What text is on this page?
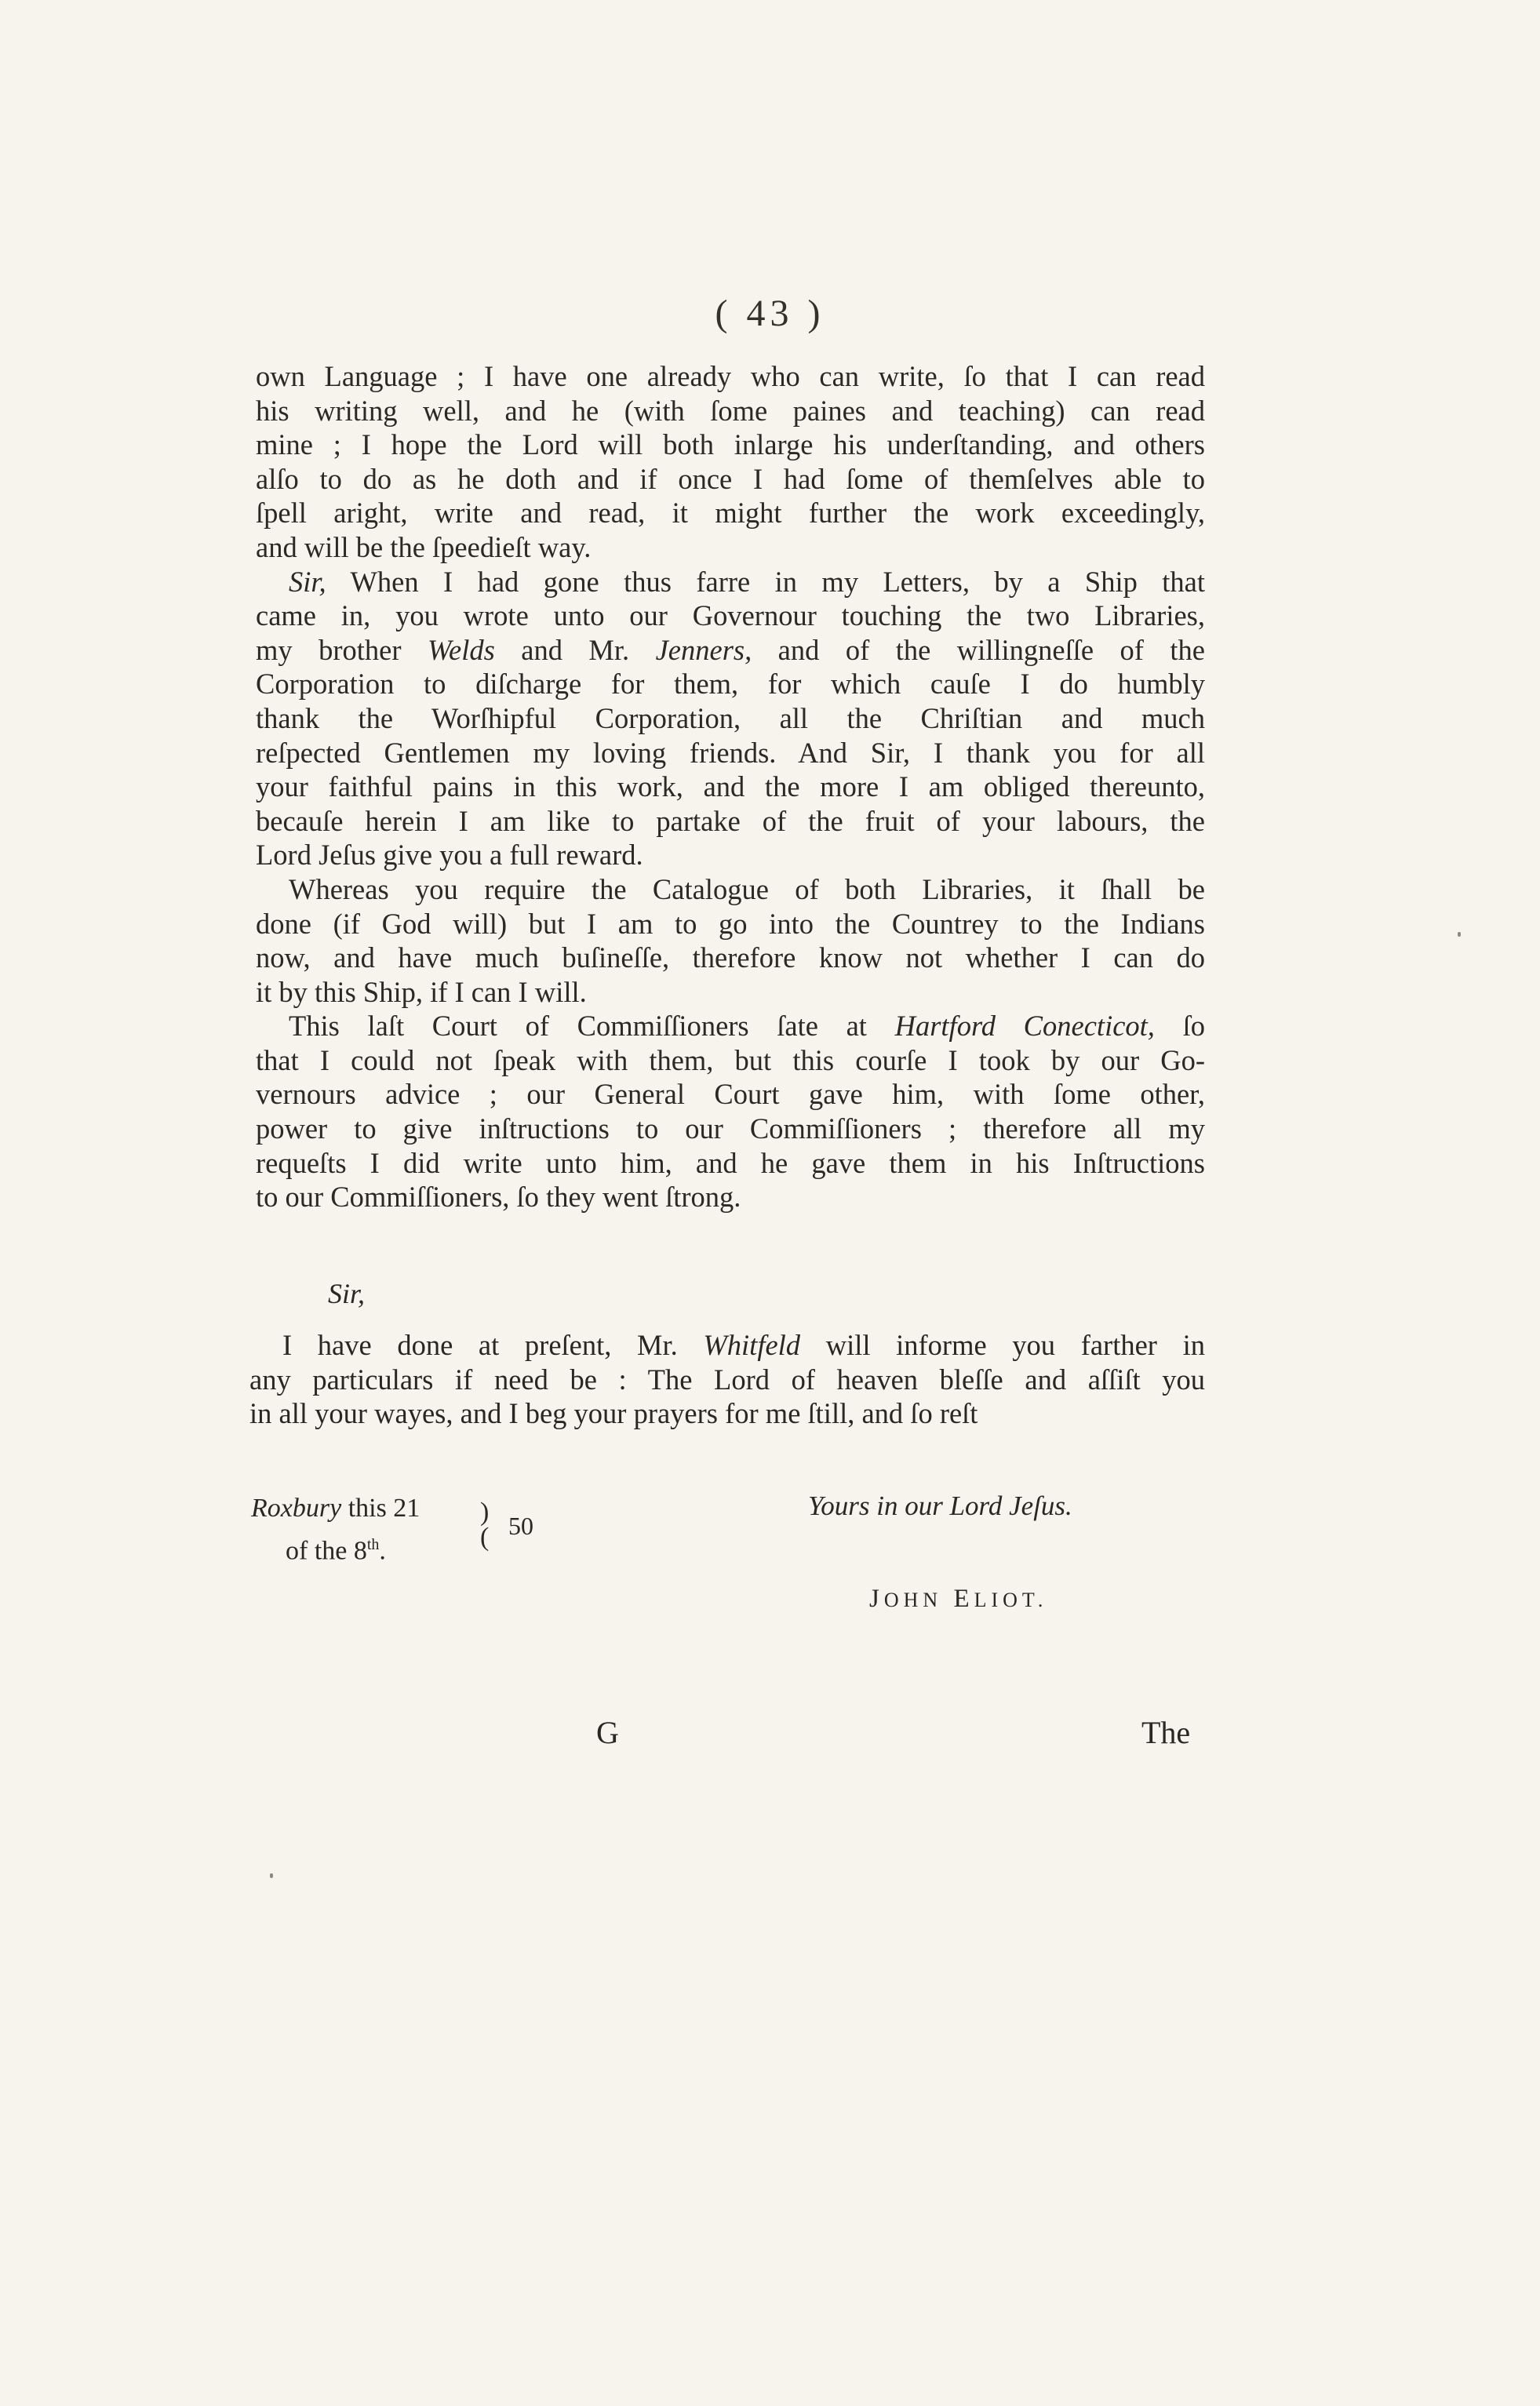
( 43 )
own Language ; I have one already who can write, ſo that I can read
his writing well, and he (with ſome paines and teaching) can read
mine ; I hope the Lord will both inlarge his underſtanding, and others
alſo to do as he doth and if once I had ſome of themſelves able to
ſpell aright, write and read, it might further the work exceedingly,
and will be the ſpeedieſt way.
Sir, When I had gone thus farre in my Letters, by a Ship that
came in, you wrote unto our Governour touching the two Libraries,
my brother Welds and Mr. Jenners, and of the willingneſſe of the
Corporation to diſcharge for them, for which cauſe I do humbly
thank the Worſhipful Corporation, all the Chriſtian and much
reſpected Gentlemen my loving friends. And Sir, I thank you for all
your faithful pains in this work, and the more I am obliged thereunto,
becauſe herein I am like to partake of the fruit of your labours, the
Lord Jeſus give you a full reward.
Whereas you require the Catalogue of both Libraries, it ſhall be
done (if God will) but I am to go into the Countrey to the Indians
now, and have much buſineſſe, therefore know not whether I can do
it by this Ship, if I can I will.
This laſt Court of Commiſſioners ſate at Hartford Conecticot, ſo
that I could not ſpeak with them, but this courſe I took by our Go-
vernours advice ; our General Court gave him, with ſome other,
power to give inſtructions to our Commiſſioners ; therefore all my
requeſts I did write unto him, and he gave them in his Inſtructions
to our Commiſſioners, ſo they went ſtrong.
Sir,
I have done at preſent, Mr. Whitfeld will informe you farther in
any particulars if need be : The Lord of heaven bleſſe and aſſiſt you
in all your wayes, and I beg your prayers for me ſtill, and ſo reſt
Roxbury this 21
of the 8th.
)
( 50
Yours in our Lord Jeſus.
JOHN ELIOT.
G	The
